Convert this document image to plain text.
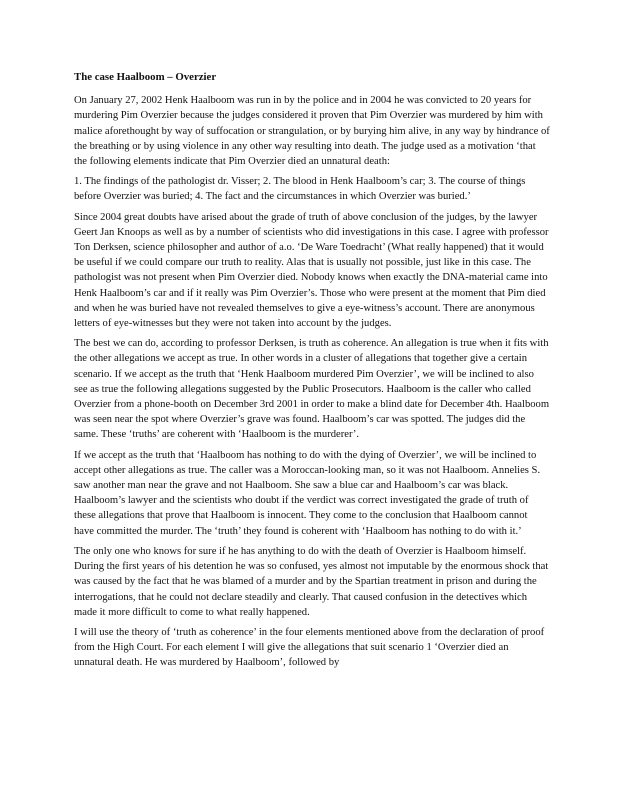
The case Haalboom – Overzier

On January 27, 2002 Henk Haalboom was run in by the police and in 2004 he was convicted to 20 years for murdering Pim Overzier because the judges considered it proven that Pim Overzier was murdered by him with malice aforethought by way of suffocation or strangulation, or by burying him alive, in any way by hindrance of the breathing or by using violence in any other way resulting into death. The judge used as a motivation ‘that the following elements indicate that Pim Overzier died an unnatural death:

1. The findings of the pathologist dr. Visser; 2. The blood in Henk Haalboom’s car; 3. The course of things before Overzier was buried; 4. The fact and the circumstances in which Overzier was buried.’

Since 2004 great doubts have arised about the grade of truth of above conclusion of the judges, by the lawyer Geert Jan Knoops as well as by a number of scientists who did investigations in this case. I agree with professor Ton Derksen, science philosopher and author of a.o. ‘De Ware Toedracht’ (What really happened) that it would be useful if we could compare our truth to reality. Alas that is usually not possible, just like in this case. The pathologist was not present when Pim Overzier died. Nobody knows when exactly the DNA-material came into Henk Haalboom’s car and if it really was Pim Overzier’s. Those who were present at the moment that Pim died and when he was buried have not revealed themselves to give a eye-witness’s account. There are anonymous letters of eye-witnesses but they were not taken into account by the judges.

The best we can do, according to professor Derksen, is truth as coherence. An allegation is true when it fits with the other allegations we accept as true. In other words in a cluster of allegations that together give a certain scenario. If we accept as the truth that ‘Henk Haalboom murdered Pim Overzier’, we will be inclined to also see as true the following allegations suggested by the Public Prosecutors. Haalboom is the caller who called Overzier from a phone-booth on December 3rd 2001 in order to make a blind date for December 4th. Haalboom was seen near the spot where Overzier’s grave was found. Haalboom’s car was spotted. The judges did the same. These ‘truths’ are coherent with ‘Haalboom is the murderer’.

If we accept as the truth that ‘Haalboom has nothing to do with the dying of Overzier’, we will be inclined to accept other allegations as true. The caller was a Moroccan-looking man, so it was not Haalboom. Annelies S. saw another man near the grave and not Haalboom. She saw a blue car and Haalboom’s car was black. Haalboom’s lawyer and the scientists who doubt if the verdict was correct investigated the grade of truth of these allegations that prove that Haalboom is innocent. They come to the conclusion that Haalboom cannot have committed the murder. The ‘truth’ they found is coherent with ‘Haalboom has nothing to do with it.’

The only one who knows for sure if he has anything to do with the death of Overzier is Haalboom himself. During the first years of his detention he was so confused, yes almost not imputable by the enormous shock that was caused by the fact that he was blamed of a murder and by the Spartian treatment in prison and during the interrogations, that he could not declare steadily and clearly. That caused confusion in the detectives which made it more difficult to come to what really happened.

I will use the theory of ‘truth as coherence’ in the four elements mentioned above from the declaration of proof from the High Court. For each element I will give the allegations that suit scenario 1 ‘Overzier died an unnatural death. He was murdered by Haalboom’, followed by
